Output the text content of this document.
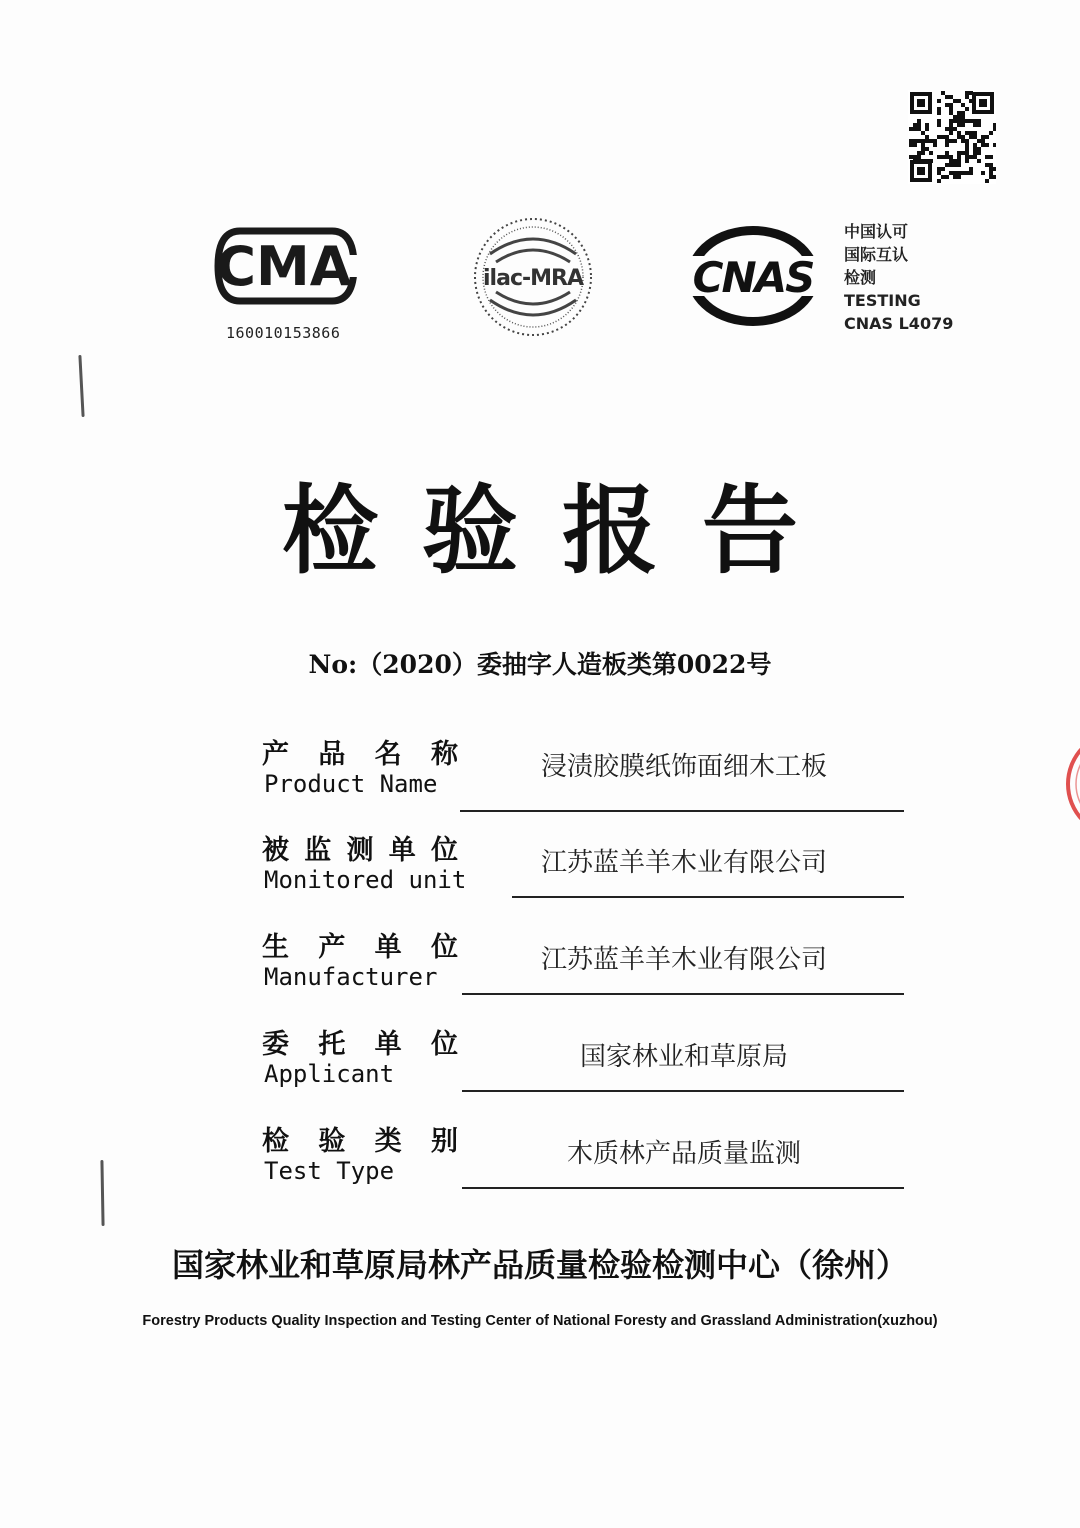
CMA
160010153866
ilac-MRA	CNAS
中国认可
国际互认
检测
TESTING
CNAS L4079
检验报告
No:（2020）委抽字人造板类第0022号
产 品 名 称
Product Name
浸渍胶膜纸饰面细木工板
被 监 测 单 位
Monitored unit
江苏蓝羊羊木业有限公司
生 产 单 位
Manufacturer
江苏蓝羊羊木业有限公司
委 托 单 位
Applicant
国家林业和草原局
检 验 类 别
Test Type
木质林产品质量监测
国家林业和草原局林产品质量检验检测中心（徐州）
Forestry Products Quality Inspection and Testing Center of National Foresty and Grassland Administration(xuzhou)
